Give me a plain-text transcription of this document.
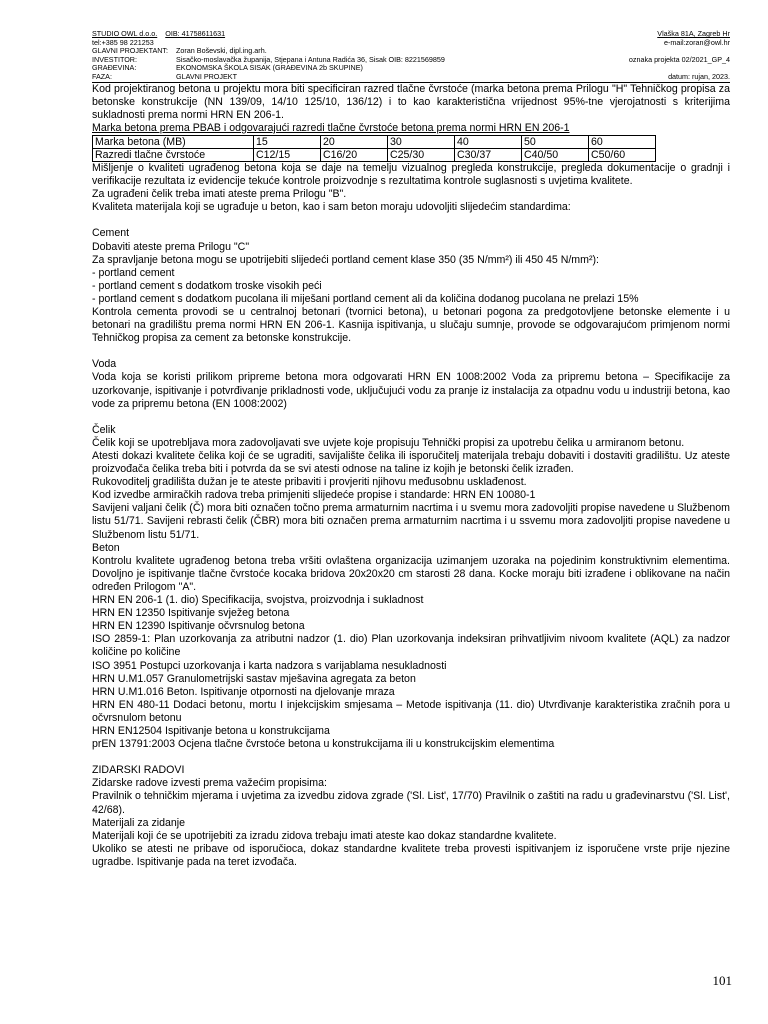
STUDIO OWL d.o.o. OIB: 41758611631	Vlaška 81A, Zagreb Hr
tel:+385 98 221253	e-mail:zoran@owl.hr
GLAVNI PROJEKTANT: Zoran Boševski, dipl.ing.arh.
INVESTITOR:	Sisačko-moslavačka županija, Stjepana i Antuna Radića 36, Sisak OIB: 8221569859	oznaka projekta 02/2021_GP_4
GRAĐEVINA:	EKONOMSKA ŠKOLA SISAK (GRAĐEVINA 2b SKUPINE)
FAZA:	GLAVNI PROJEKT	datum: rujan, 2023.

Kod projektiranog betona u projektu mora biti specificiran razred tlačne čvrstoće (marka betona prema Prilogu "H" Tehničkog propisa za betonske konstrukcije (NN 139/09, 14/10 125/10, 136/12) i to kao karakteristična vrijednost 95%-tne vjerojatnosti s kriterijima sukladnosti prema normi HRN EN 206-1.

Marka betona prema PBAB i odgovarajući razredi tlačne čvrstoće betona prema normi HRN EN 206-1

Marka betona (MB)	15	20	30	40	50	60
Razredi tlačne čvrstoće	C12/15	C16/20	C25/30	C30/37	C40/50	C50/60

Mišljenje o kvaliteti ugrađenog betona koja se daje na temelju vizualnog pregleda konstrukcije, pregleda dokumentacije o gradnji i verifikacije rezultata iz evidencije tekuće kontrole proizvodnje s rezultatima kontrole suglasnosti s uvjetima kvalitete.

Za ugrađeni čelik treba imati ateste prema Prilogu "B".

Kvaliteta materijala koji se ugrađuje u beton, kao i sam beton moraju udovoljiti slijedećim standardima:

Cement

Dobaviti ateste prema Prilogu "C"

Za spravljanje betona mogu se upotrijebiti slijedeći portland cement klase 350 (35 N/mm²) ili 450 45 N/mm²):

- portland cement

- portland cement s dodatkom troske visokih peći

- portland cement s dodatkom pucolana ili miješani portland cement ali da količina dodanog pucolana ne prelazi 15%

Kontrola cementa provodi se u centralnoj betonari (tvornici betona), u betonari pogona za predgotovljene betonske elemente i u betonari na gradilištu prema normi HRN EN 206-1. Kasnija ispitivanja, u slučaju sumnje, provode se odgovarajućom primjenom normi Tehničkog propisa za cement za betonske konstrukcije.

Voda

Voda koja se koristi prilikom pripreme betona mora odgovarati HRN EN 1008:2002 Voda za pripremu betona – Specifikacije za uzorkovanje, ispitivanje i potvrđivanje prikladnosti vode, uključujući vodu za pranje iz instalacija za otpadnu vodu u industriji betona, kao vode za pripremu betona (EN 1008:2002)

Čelik

Čelik koji se upotrebljava mora zadovoljavati sve uvjete koje propisuju Tehnički propisi za upotrebu čelika u armiranom betonu.

Atesti dokazi kvalitete čelika koji će se ugraditi, savijalište čelika ili isporučitelj materijala trebaju dobaviti i dostaviti gradilištu. Uz ateste proizvođača čelika treba biti i potvrda da se svi atesti odnose na taline iz kojih je betonski čelik izrađen.

Rukovoditelj gradilišta dužan je te ateste pribaviti i provjeriti njihovu međusobnu usklađenost.

Kod izvedbe armiračkih radova treba primjeniti slijedeće propise i standarde: HRN EN 10080-1

Savijeni valjani čelik (Č) mora biti označen točno prema armaturnim nacrtima i u svemu mora zadovoljiti propise navedene u Službenom listu 51/71. Savijeni rebrasti čelik (ČBR) mora biti označen prema armaturnim nacrtima i u ssvemu mora zadovoljiti propise navedene u Službenom listu 51/71.

Beton

Kontrolu kvalitete ugrađenog betona treba vršiti ovlaštena organizacija uzimanjem uzoraka na pojedinim konstruktivnim elementima. Dovoljno je ispitivanje tlačne čvrstoće kocaka bridova 20x20x20 cm starosti 28 dana. Kocke moraju biti izrađene i oblikovane na način određen Prilogom "A".

HRN EN 206-1 (1. dio) Specifikacija, svojstva, proizvodnja i sukladnost

HRN EN 12350 Ispitivanje svježeg betona

HRN EN 12390 Ispitivanje očvrsnulog betona

ISO 2859-1: Plan uzorkovanja za atributni nadzor (1. dio) Plan uzorkovanja indeksiran prihvatljivim nivoom kvalitete (AQL) za nadzor količine po količine

ISO 3951 Postupci uzorkovanja i karta nadzora s varijablama nesukladnosti

HRN U.M1.057 Granulometrijski sastav mješavina agregata za beton

HRN U.M1.016 Beton. Ispitivanje otpornosti na djelovanje mraza

HRN EN 480-11 Dodaci betonu, mortu I injekcijskim smjesama – Metode ispitivanja (11. dio) Utvrđivanje karakteristika zračnih pora u očvrsnulom betonu

HRN EN12504 Ispitivanje betona u konstrukcijama

prEN 13791:2003 Ocjena tlačne čvrstoće betona u konstrukcijama ili u konstrukcijskim elementima

ZIDARSKI RADOVI

Zidarske radove izvesti prema važećim propisima:

Pravilnik o tehničkim mjerama i uvjetima za izvedbu zidova zgrade ('Sl. List', 17/70) Pravilnik o zaštiti na radu u građevinarstvu ('Sl. List', 42/68).

Materijali za zidanje

Materijali koji će se upotrijebiti za izradu zidova trebaju imati ateste kao dokaz standardne kvalitete.

Ukoliko se atesti ne pribave od isporučioca, dokaz standardne kvalitete treba provesti ispitivanjem iz isporučene vrste prije njezine ugradbe. Ispitivanje pada na teret izvođača.

101
